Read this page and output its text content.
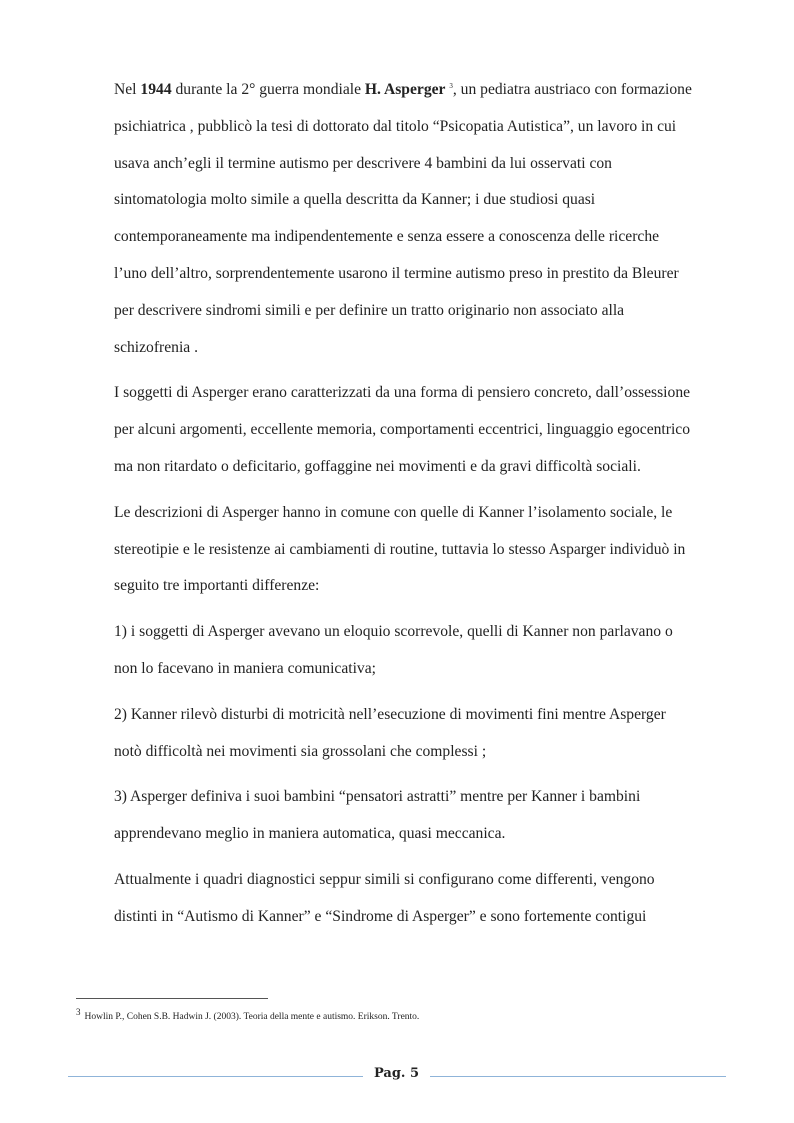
Nel 1944 durante la 2° guerra mondiale H. Asperger $^3$, un pediatra austriaco con formazione psichiatrica , pubblicò la tesi di dottorato dal titolo “Psicopatia Autistica”, un lavoro in cui usava anch’egli il termine autismo per descrivere 4 bambini da lui osservati con sintomatologia molto simile a quella descritta da Kanner; i due studiosi quasi contemporaneamente ma indipendentemente e senza essere a conoscenza delle ricerche l’uno dell’altro, sorprendentemente usarono il termine autismo preso in prestito da Bleurer per descrivere sindromi simili e per definire un tratto originario non associato alla schizofrenia .

I soggetti di Asperger erano caratterizzati da una forma di pensiero concreto, dall’ossessione per alcuni argomenti, eccellente memoria, comportamenti eccentrici, linguaggio egocentrico ma non ritardato o deficitario, goffaggine nei movimenti e da gravi difficoltà sociali.

Le descrizioni di Asperger hanno in comune con quelle di Kanner l’isolamento sociale, le stereotipie e le resistenze ai cambiamenti di routine, tuttavia lo stesso Asparger individuò in seguito tre importanti differenze:

1) i soggetti di Asperger avevano un eloquio scorrevole, quelli di Kanner non parlavano o non lo facevano in maniera comunicativa;

2) Kanner rilevò disturbi di motricità nell’esecuzione di movimenti fini mentre Asperger notò difficoltà nei movimenti sia grossolani che complessi ;

3) Asperger definiva i suoi bambini “pensatori astratti” mentre per Kanner i bambini apprendevano meglio in maniera automatica, quasi meccanica.

Attualmente i quadri diagnostici seppur simili si configurano come differenti, vengono distinti in “Autismo di Kanner” e “Sindrome di Asperger” e sono fortemente contigui

3Howlin P., Cohen S.B. Hadwin J. (2003). Teoria della mente e autismo. Erikson. Trento.
Pag. 5
